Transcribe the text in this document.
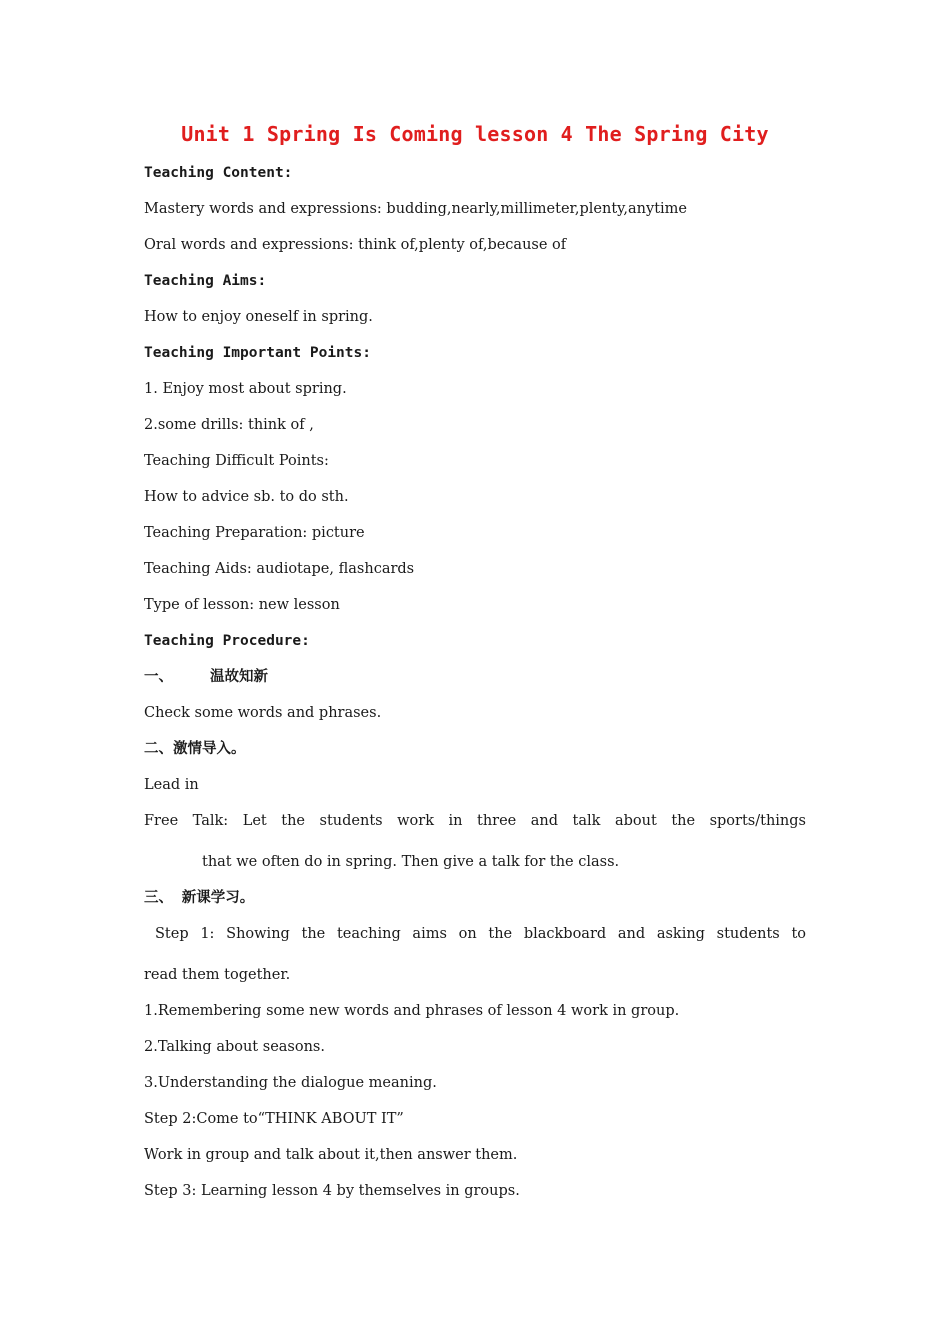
Unit 1 Spring Is Coming lesson 4 The Spring City
Teaching Content:
Mastery words and expressions: budding,nearly,millimeter,plenty,anytime
Oral words and expressions: think of,plenty of,because of
Teaching Aims:
How to enjoy oneself in spring.
Teaching Important Points:
1. Enjoy most about spring.
2.some drills: think of ,
Teaching Difficult Points:
How to advice sb. to do sth.
Teaching Preparation: picture
Teaching Aids: audiotape, flashcards
Type of lesson: new lesson
Teaching Procedure:
一、	温故知新
Check some words and phrases.
二、激情导入。
Lead in
Free Talk: Let the students work in three and talk about the sports/things
that we often do in spring. Then give a talk for the class.
三、 新课学习。
Step 1: Showing the teaching aims on the blackboard and asking students to
read them together.
1.Remembering some new words and phrases of lesson 4 work in group.
2.Talking about seasons.
3.Understanding the dialogue meaning.
Step 2:Come to“THINK ABOUT IT”
Work in group and talk about it,then answer them.
Step 3: Learning lesson 4 by themselves in groups.
